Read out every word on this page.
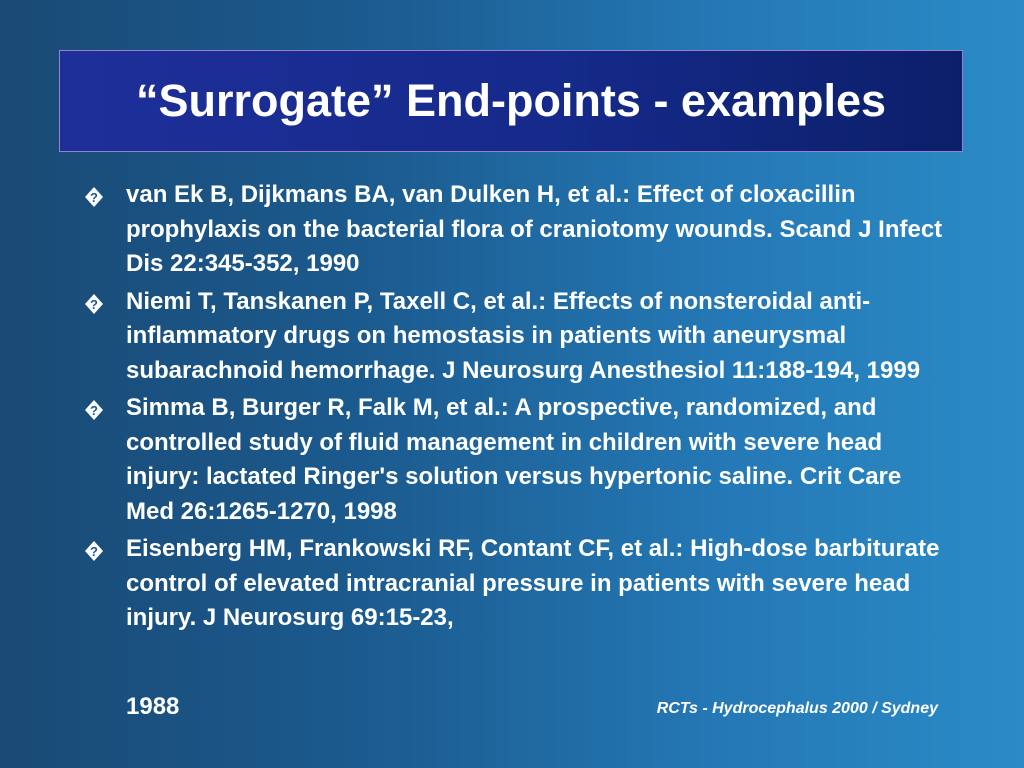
“Surrogate” End-points - examples
? van Ek B, Dijkmans BA, van Dulken H, et al.: Effect of cloxacillin prophylaxis on the bacterial flora of craniotomy wounds. Scand J Infect Dis 22:345-352, 1990
? Niemi T, Tanskanen P, Taxell C, et al.: Effects of nonsteroidal anti-inflammatory drugs on hemostasis in patients with aneurysmal subarachnoid hemorrhage. J Neurosurg Anesthesiol 11:188-194, 1999
? Simma B, Burger R, Falk M, et al.: A prospective, randomized, and controlled study of fluid management in children with severe head injury: lactated Ringer's solution versus hypertonic saline. Crit Care Med 26:1265-1270, 1998
? Eisenberg HM, Frankowski RF, Contant CF, et al.: High-dose barbiturate control of elevated intracranial pressure in patients with severe head injury. J Neurosurg 69:15-23,
1988	RCTs - Hydrocephalus 2000 / Sydney
